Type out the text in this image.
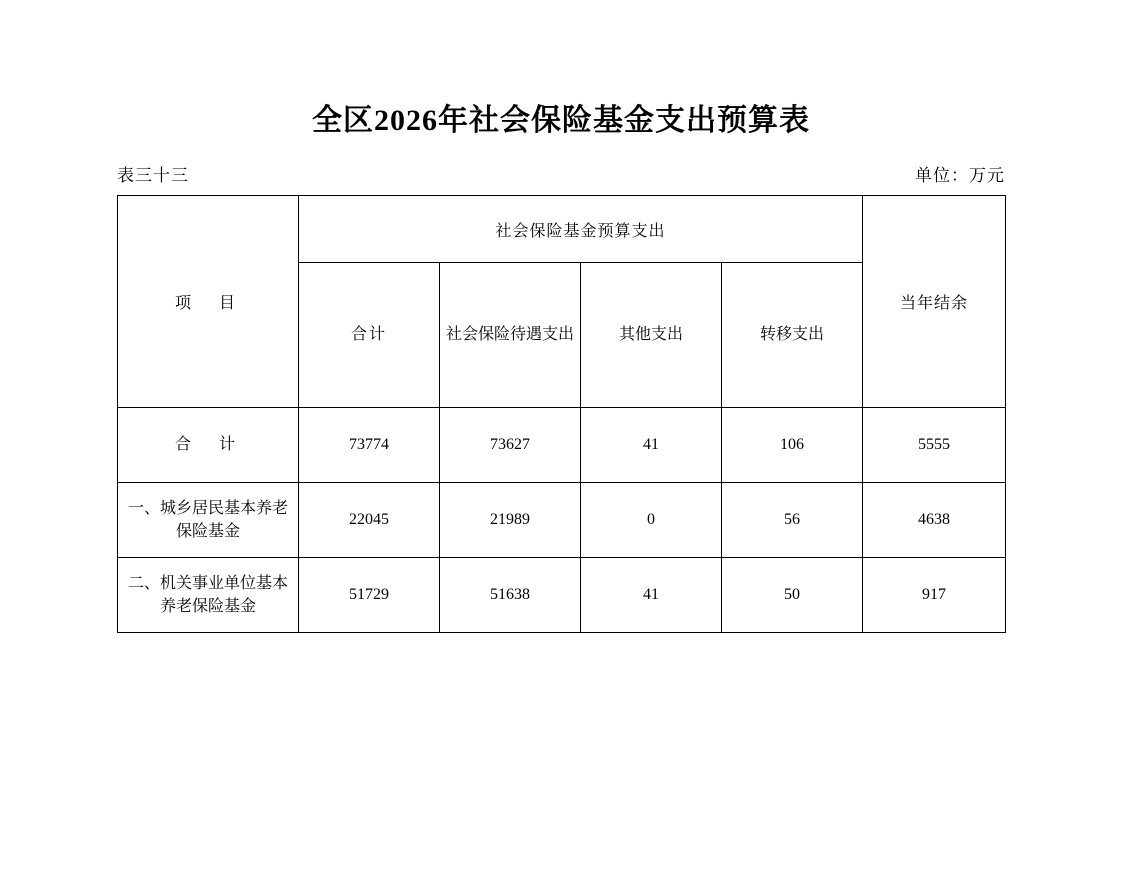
全区2026年社会保险基金支出预算表
表三十三	单位：万元
项　目	社会保险基金预算支出				当年结余
	合计	社会保险待遇支出	其他支出	转移支出	
合　计	73774	73627	41	106	5555
一、城乡居民基本养老保险基金	22045	21989	0	56	4638
二、机关事业单位基本养老保险基金	51729	51638	41	50	917
